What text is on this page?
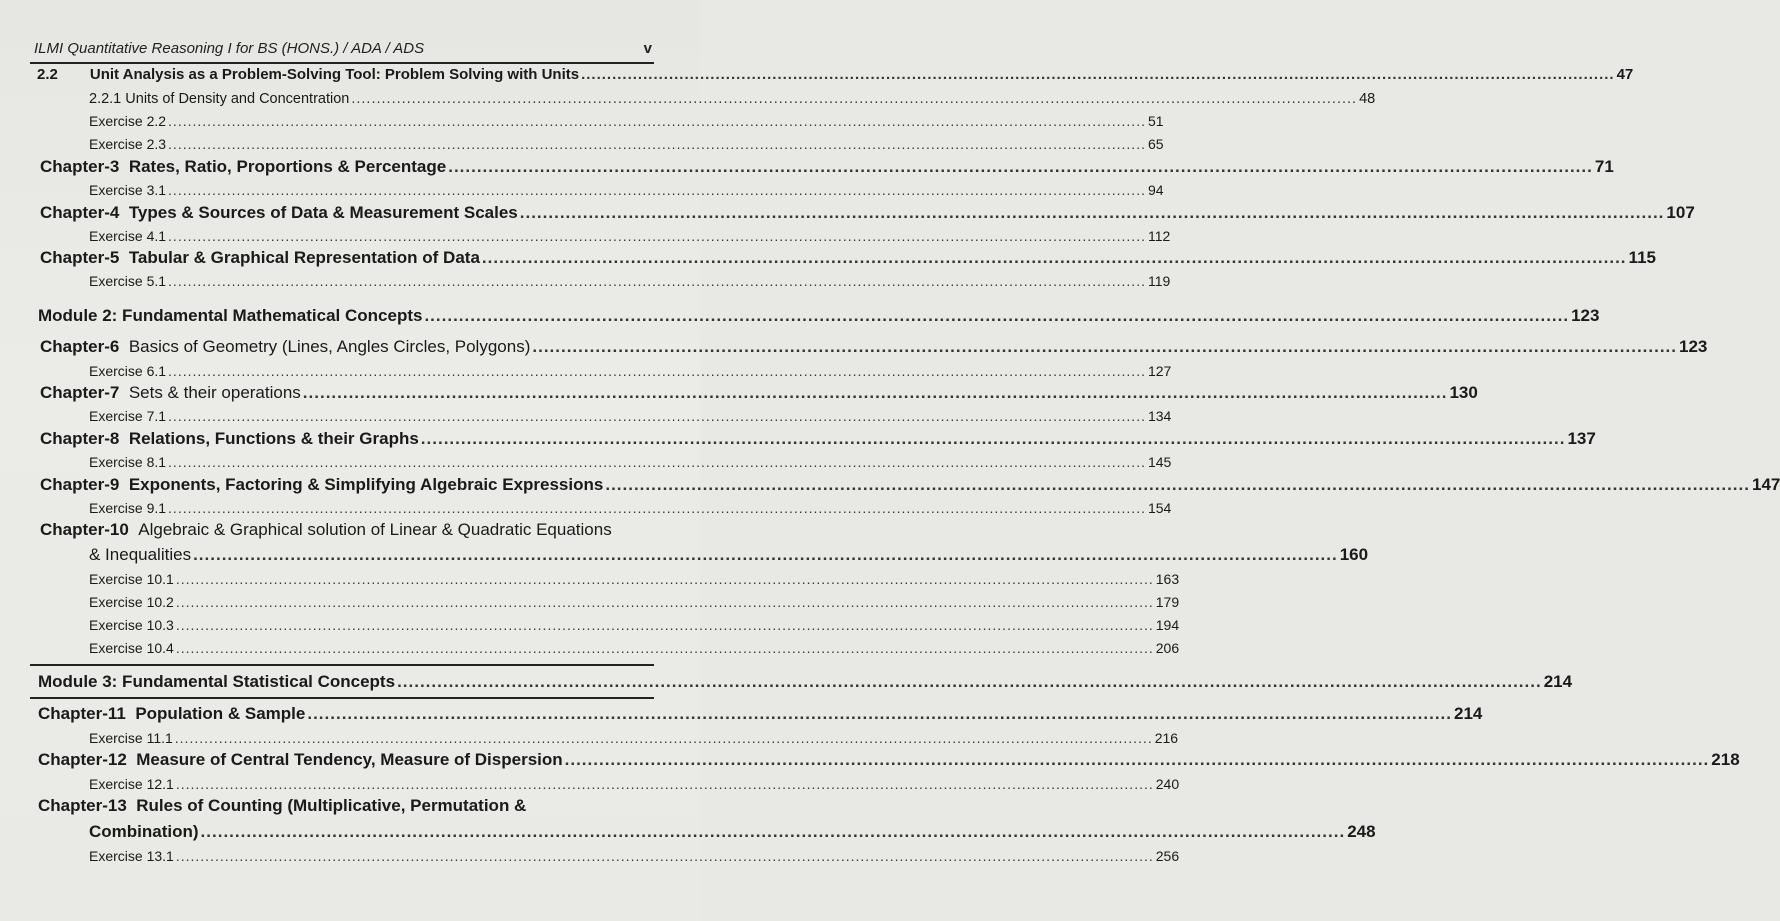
ILMI Quantitative Reasoning I for BS (HONS.) / ADA / ADS	v
2.2 Unit Analysis as a Problem-Solving Tool: Problem Solving with Units ........................................................................................................................................................................................................ 47
2.2.1 Units of Density and Concentration ........................................................................................................................................................................................................ 48
Exercise 2.2 ........................................................................................................................................................................................................ 51
Exercise 2.3 ........................................................................................................................................................................................................ 65
Chapter-3 Rates, Ratio, Proportions & Percentage ........................................................................................................................................................................................................ 71
Exercise 3.1 ........................................................................................................................................................................................................ 94
Chapter-4 Types & Sources of Data & Measurement Scales ........................................................................................................................................................................................................ 107
Exercise 4.1 ........................................................................................................................................................................................................ 112
Chapter-5 Tabular & Graphical Representation of Data ........................................................................................................................................................................................................ 115
Exercise 5.1 ........................................................................................................................................................................................................ 119
Module 2: Fundamental Mathematical Concepts ........................................................................................................................................................................................................ 123
Chapter-6 Basics of Geometry (Lines, Angles Circles, Polygons) ........................................................................................................................................................................................................ 123
Exercise 6.1 ........................................................................................................................................................................................................ 127
Chapter-7 Sets & their operations ........................................................................................................................................................................................................ 130
Exercise 7.1 ........................................................................................................................................................................................................ 134
Chapter-8 Relations, Functions & their Graphs ........................................................................................................................................................................................................ 137
Exercise 8.1 ........................................................................................................................................................................................................ 145
Chapter-9 Exponents, Factoring & Simplifying Algebraic Expressions ........................................................................................................................................................................................................ 147
Exercise 9.1 ........................................................................................................................................................................................................ 154
Chapter-10 Algebraic & Graphical solution of Linear & Quadratic Equations
& Inequalities ........................................................................................................................................................................................................ 160
Exercise 10.1 ........................................................................................................................................................................................................ 163
Exercise 10.2 ........................................................................................................................................................................................................ 179
Exercise 10.3 ........................................................................................................................................................................................................ 194
Exercise 10.4 ........................................................................................................................................................................................................ 206
Module 3: Fundamental Statistical Concepts ........................................................................................................................................................................................................ 214
Chapter-11 Population & Sample ........................................................................................................................................................................................................ 214
Exercise 11.1 ........................................................................................................................................................................................................ 216
Chapter-12 Measure of Central Tendency, Measure of Dispersion ........................................................................................................................................................................................................ 218
Exercise 12.1 ........................................................................................................................................................................................................ 240
Chapter-13 Rules of Counting (Multiplicative, Permutation &
Combination) ........................................................................................................................................................................................................ 248
Exercise 13.1 ........................................................................................................................................................................................................ 256
